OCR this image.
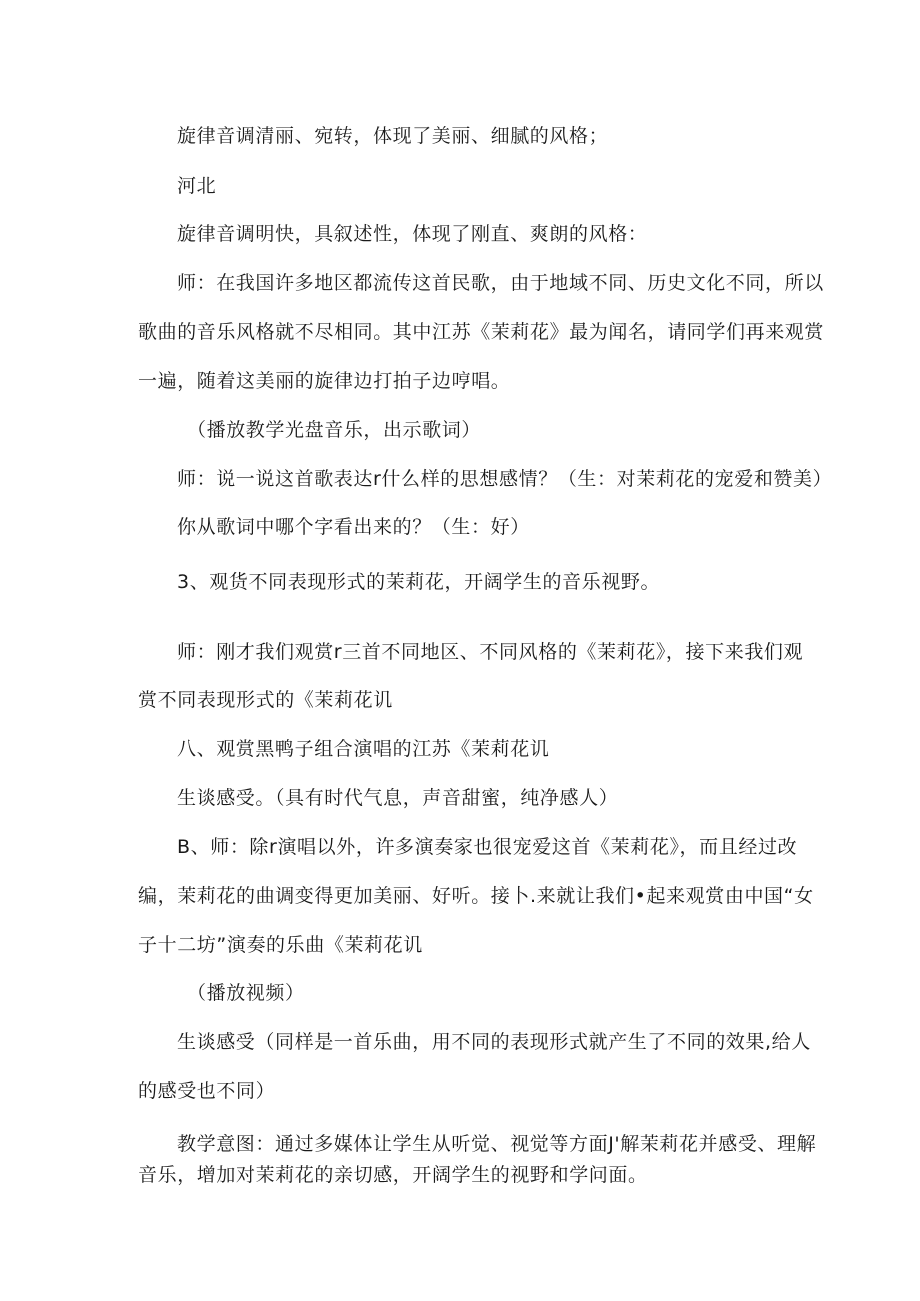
旋律音调清丽、宛转，体现了美丽、细腻的风格；
河北
旋律音调明快，具叙述性，体现了刚直、爽朗的风格：
师：在我国许多地区都流传这首民歌，由于地域不同、历史文化不同，所以
歌曲的音乐风格就不尽相同。其中江苏《茉莉花》最为闻名，请同学们再来观赏
一遍，随着这美丽的旋律边打拍子边哼唱。
（播放教学光盘音乐，出示歌词）
师：说一说这首歌表达r什么样的思想感情？（生：对茉莉花的宠爱和赞美）
你从歌词中哪个字看出来的？（生：好）
3、观货不同表现形式的茉莉花，开阔学生的音乐视野。
师：刚才我们观赏r三首不同地区、不同风格的《茉莉花》，接下来我们观
赏不同表现形式的《茉莉花讥
八、观赏黑鸭子组合演唱的江苏《茉莉花讥
生谈感受。（具有时代气息，声音甜蜜，纯净感人）
B、师：除r演唱以外，许多演奏家也很宠爱这首《茉莉花》，而且经过改
编，茉莉花的曲调变得更加美丽、好听。接卜.来就让我们•起来观赏由中国“女
子十二坊”演奏的乐曲《茉莉花讥
（播放视频）
生谈感受（同样是一首乐曲，用不同的表现形式就产生了不同的效果,给人
的感受也不同）
教学意图：通过多媒体让学生从听觉、视觉等方面J'解茉莉花并感受、理解
音乐，增加对茉莉花的亲切感，开阔学生的视野和学问面。
